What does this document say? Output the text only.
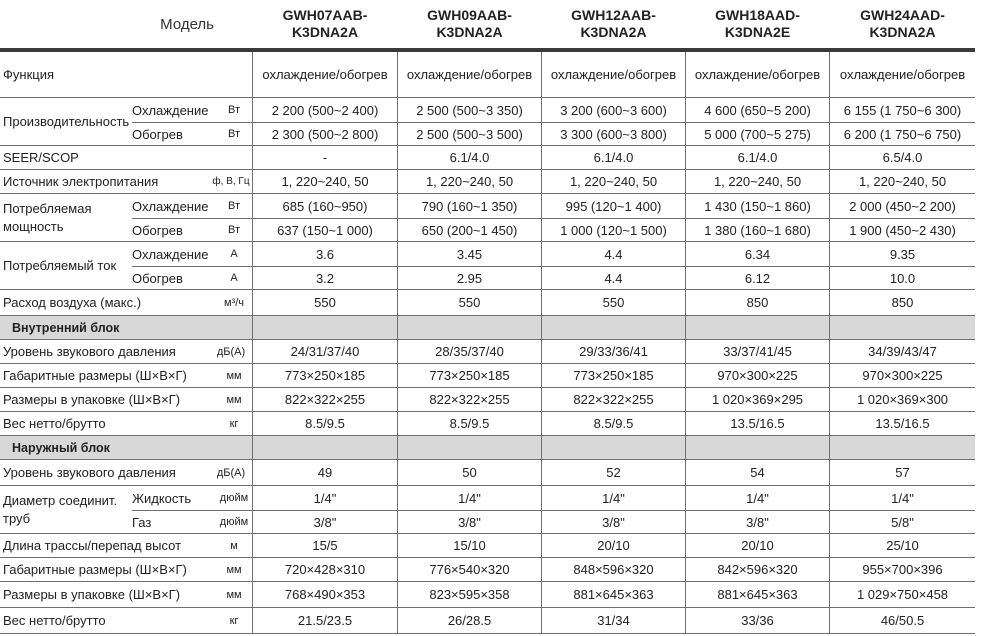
Модель
GWH07AAB-
K3DNA2A
GWH09AAB-
K3DNA2A
GWH12AAB-
K3DNA2A
GWH18AAD-
K3DNA2E
GWH24AAD-
K3DNA2A
Функция	охлаждение/обогрев	охлаждение/обогрев	охлаждение/обогрев	охлаждение/обогрев	охлаждение/обогрев
Производительность
Охлаждение	Вт	2 200 (500~2 400)	2 500 (500~3 350)	3 200 (600~3 600)	4 600 (650~5 200)	6 155 (1 750~6 300)
Обогрев	Вт	2 300 (500~2 800)	2 500 (500~3 500)	3 300 (600~3 800)	5 000 (700~5 275)	6 200 (1 750~6 750)
SEER/SCOP	-	6.1/4.0	6.1/4.0	6.1/4.0	6.5/4.0
Источник электропитания	ф, В, Гц	1, 220~240, 50	1, 220~240, 50	1, 220~240, 50	1, 220~240, 50	1, 220~240, 50
Потребляемая
мощность
Охлаждение	Вт	685 (160~950)	790 (160~1 350)	995 (120~1 400)	1 430 (150~1 860)	2 000 (450~2 200)
Обогрев	Вт	637 (150~1 000)	650 (200~1 450)	1 000 (120~1 500)	1 380 (160~1 680)	1 900 (450~2 430)
Потребляемый ток
Охлаждение	А	3.6	3.45	4.4	6.34	9.35
Обогрев	А	3.2	2.95	4.4	6.12	10.0
Расход воздуха (макс.)	м³/ч	550	550	550	850	850
Внутренний блок
Уровень звукового давления	дБ(А)	24/31/37/40	28/35/37/40	29/33/36/41	33/37/41/45	34/39/43/47
Габаритные размеры (Ш×В×Г)	мм	773×250×185	773×250×185	773×250×185	970×300×225	970×300×225
Размеры в упаковке (Ш×В×Г)	мм	822×322×255	822×322×255	822×322×255	1 020×369×295	1 020×369×300
Вес нетто/брутто	кг	8.5/9.5	8.5/9.5	8.5/9.5	13.5/16.5	13.5/16.5
Наружный блок
Уровень звукового давления	дБ(А)	49	50	52	54	57
Диаметр соединит.
труб
Жидкость	дюйм	1/4"	1/4"	1/4"	1/4"	1/4"
Газ	дюйм	3/8"	3/8"	3/8"	3/8"	5/8"
Длина трассы/перепад высот	м	15/5	15/10	20/10	20/10	25/10
Габаритные размеры (Ш×В×Г)	мм	720×428×310	776×540×320	848×596×320	842×596×320	955×700×396
Размеры в упаковке (Ш×В×Г)	мм	768×490×353	823×595×358	881×645×363	881×645×363	1 029×750×458
Вес нетто/брутто	кг	21.5/23.5	26/28.5	31/34	33/36	46/50.5
